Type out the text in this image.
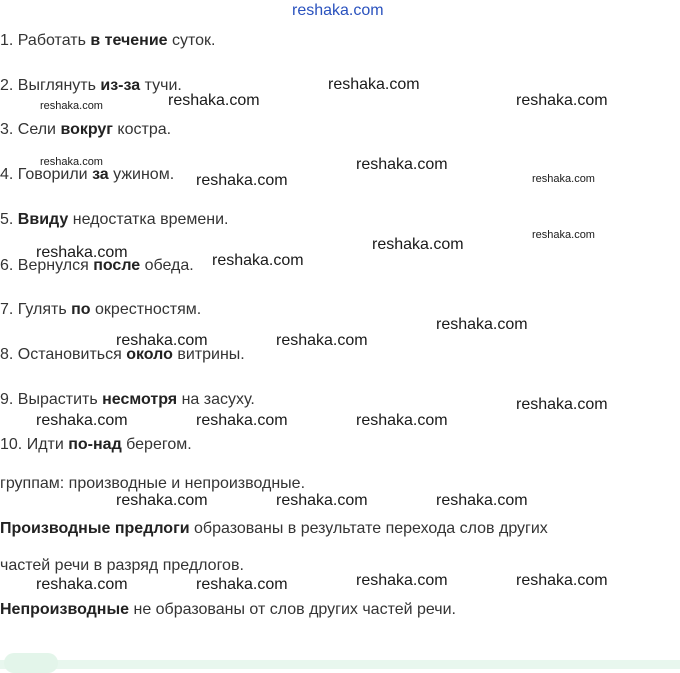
reshaka.com
1. Работать в течение суток.
2. Выглянуть из-за тучи.
3. Сели вокруг костра.
4. Говорили за ужином.
5. Ввиду недостатка времени.
6. Вернулся после обеда.
7. Гулять по окрестностям.
8. Остановиться около витрины.
9. Вырастить несмотря на засуху.
10. Идти по-над берегом.
группам: производные и непроизводные.
Производные предлоги образованы в результате перехода слов других
частей речи в разряд предлогов.
Непроизводные не образованы от слов других частей речи.
reshaka.com
reshaka.com	reshaka.com
reshaka.com
reshaka.com
reshaka.com
reshaka.com	reshaka.com
reshaka.com
reshaka.com	reshaka.com
reshaka.com
reshaka.com	reshaka.com	reshaka.com
reshaka.com	reshaka.com	reshaka.com
reshaka.com	reshaka.com
reshaka.com	reshaka.com
reshaka.com
reshaka.com
reshaka.com
reshaka.com
